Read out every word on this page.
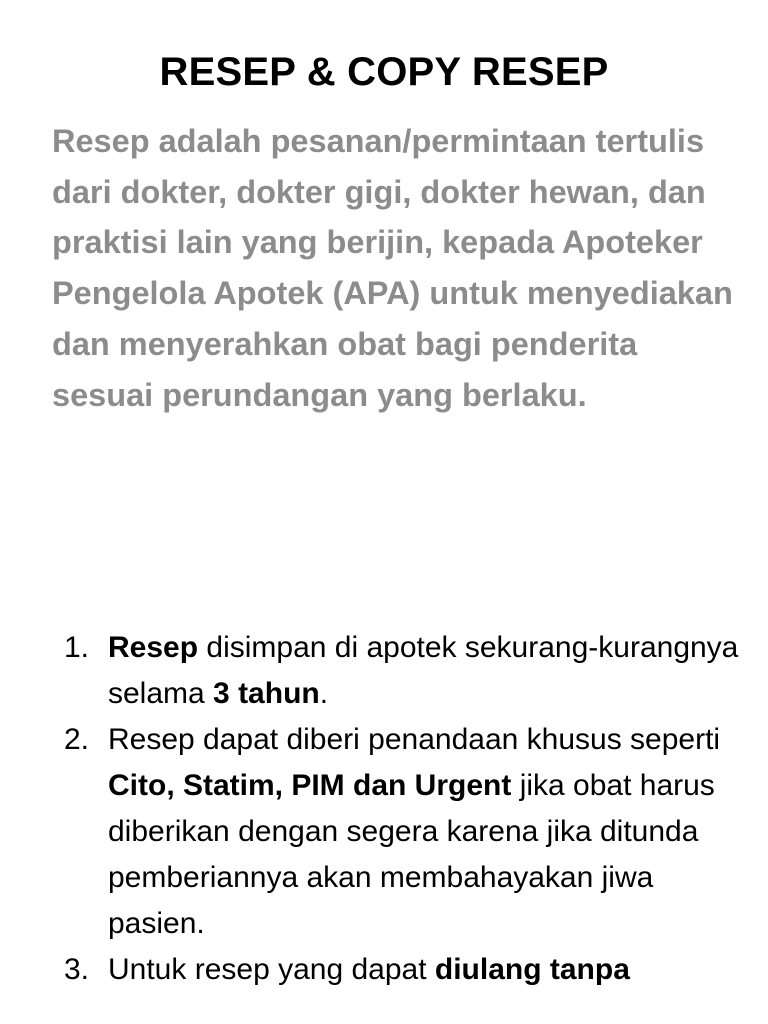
RESEP & COPY RESEP

Resep adalah pesanan/permintaan tertulis dari dokter, dokter gigi, dokter hewan, dan praktisi lain yang berijin, kepada Apoteker Pengelola Apotek (APA) untuk menyediakan dan menyerahkan obat bagi penderita sesuai perundangan yang berlaku.

1. Resep disimpan di apotek sekurang-kurangnya selama 3 tahun.
2. Resep dapat diberi penandaan khusus seperti Cito, Statim, PIM dan Urgent jika obat harus diberikan dengan segera karena jika ditunda pemberiannya akan membahayakan jiwa pasien.
3. Untuk resep yang dapat diulang tanpa
